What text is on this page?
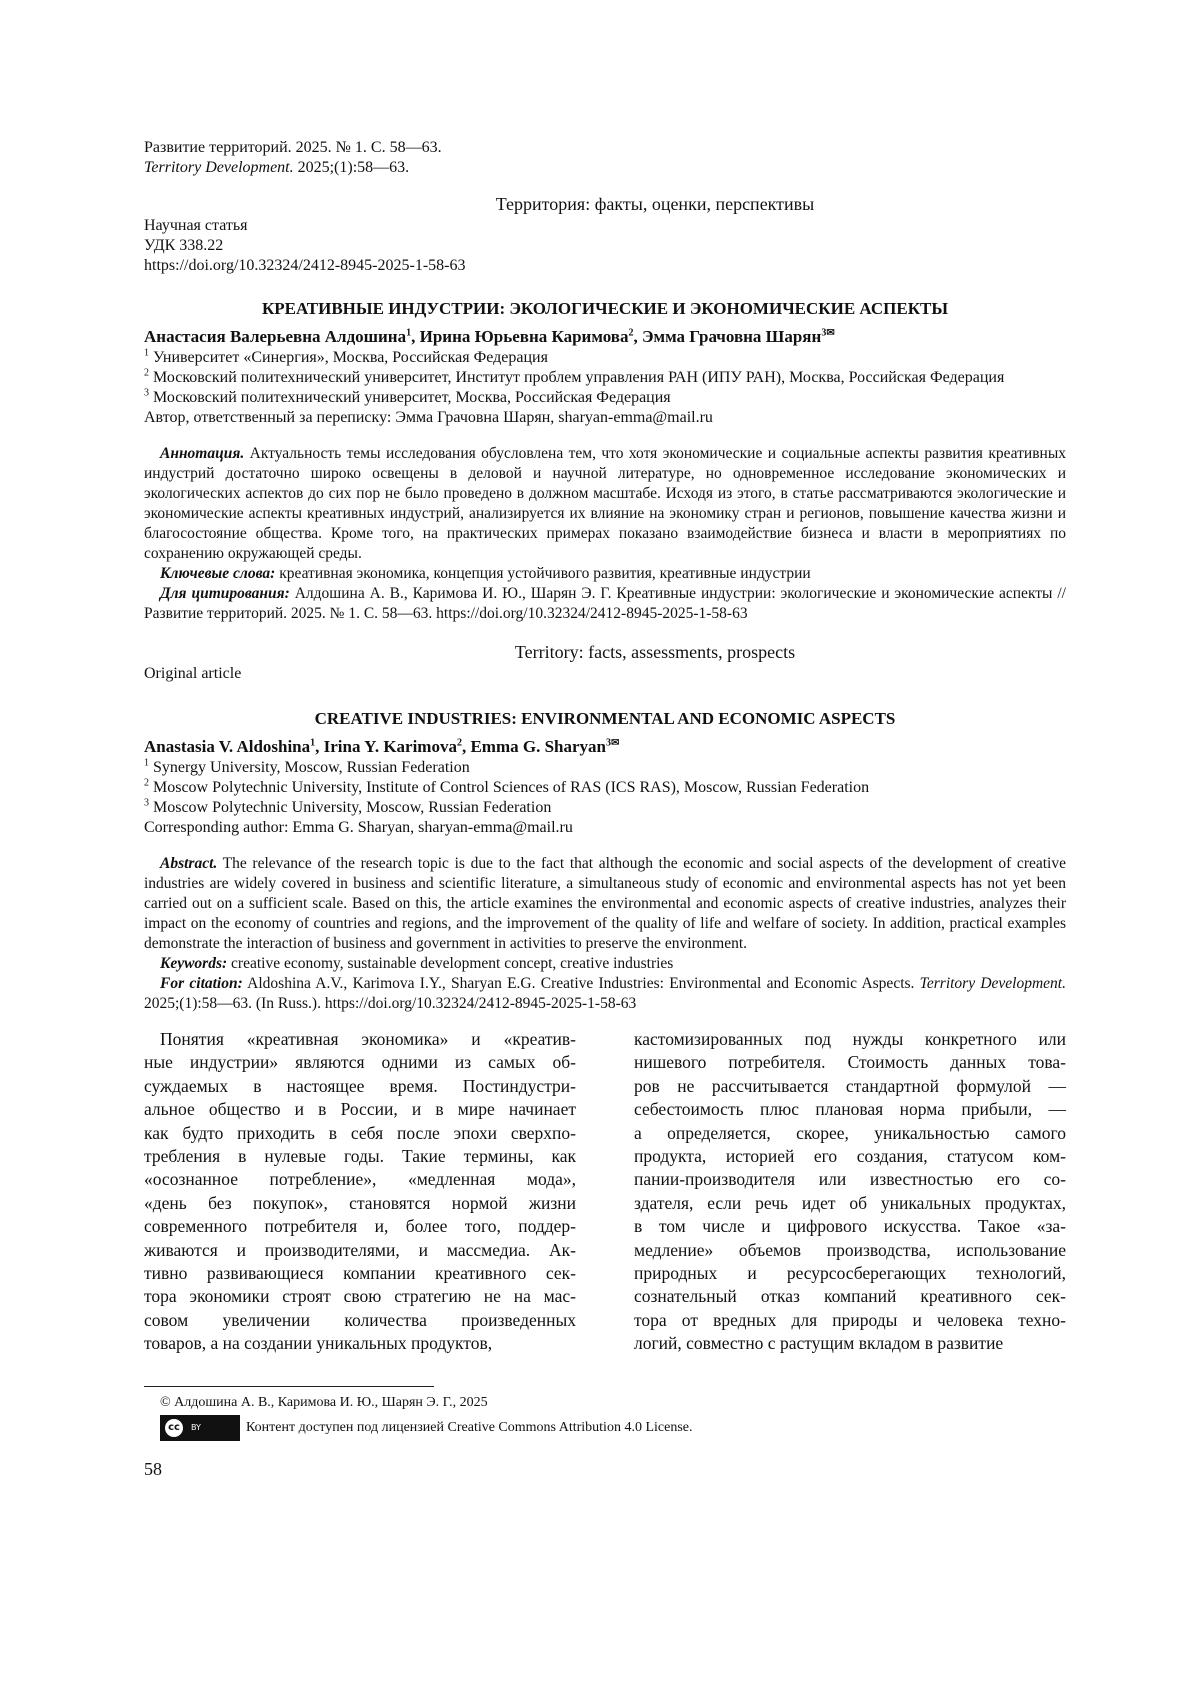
Развитие территорий. 2025. № 1. С. 58—63.
Territory Development. 2025;(1):58—63.
Территория: факты, оценки, перспективы
Научная статья
УДК 338.22
https://doi.org/10.32324/2412-8945-2025-1-58-63
КРЕАТИВНЫЕ ИНДУСТРИИ: ЭКОЛОГИЧЕСКИЕ И ЭКОНОМИЧЕСКИЕ АСПЕКТЫ
Анастасия Валерьевна Алдошина$^1$, Ирина Юрьевна Каримова$^2$, Эмма Грачовна Шарян$^{3✉}$
$^1$ Университет «Синергия», Москва, Российская Федерация
$^2$ Московский политехнический университет, Институт проблем управления РАН (ИПУ РАН), Москва, Российская Федерация
$^3$ Московский политехнический университет, Москва, Российская Федерация
Автор, ответственный за переписку: Эмма Грачовна Шарян, sharyan-emma@mail.ru
Аннотация. Актуальность темы исследования обусловлена тем, что хотя экономические и социальные аспекты развития креативных индустрий достаточно широко освещены в деловой и научной литературе, но одновременное исследование экономических и экологических аспектов до сих пор не было проведено в должном масштабе. Исходя из этого, в статье рассматриваются экологические и экономические аспекты креативных индустрий, анализируется их влияние на экономику стран и регионов, повышение качества жизни и благосостояние общества. Кроме того, на практических примерах показано взаимодействие бизнеса и власти в мероприятиях по сохранению окружающей среды.
Ключевые слова: креативная экономика, концепция устойчивого развития, креативные индустрии
Для цитирования: Алдошина А. В., Каримова И. Ю., Шарян Э. Г. Креативные индустрии: экологические и экономические аспекты // Развитие территорий. 2025. № 1. С. 58—63. https://doi.org/10.32324/2412-8945-2025-1-58-63
Territory: facts, assessments, prospects
Original article
CREATIVE INDUSTRIES: ENVIRONMENTAL AND ECONOMIC ASPECTS
Anastasia V. Aldoshina$^1$, Irina Y. Karimova$^2$, Emma G. Sharyan$^{3✉}$
$^1$ Synergy University, Moscow, Russian Federation
$^2$ Moscow Polytechnic University, Institute of Control Sciences of RAS (ICS RAS), Moscow, Russian Federation
$^3$ Moscow Polytechnic University, Moscow, Russian Federation
Corresponding author: Emma G. Sharyan, sharyan-emma@mail.ru
Abstract. The relevance of the research topic is due to the fact that although the economic and social aspects of the development of creative industries are widely covered in business and scientific literature, a simultaneous study of economic and environmental aspects has not yet been carried out on a sufficient scale. Based on this, the article examines the environmental and economic aspects of creative industries, analyzes their impact on the economy of countries and regions, and the improvement of the quality of life and welfare of society. In addition, practical examples demonstrate the interaction of business and government in activities to preserve the environment.
Keywords: creative economy, sustainable development concept, creative industries
For citation: Aldoshina A.V., Karimova I.Y., Sharyan E.G. Creative Industries: Environmental and Economic Aspects. Territory Development. 2025;(1):58—63. (In Russ.). https://doi.org/10.32324/2412-8945-2025-1-58-63
Понятия «креативная экономика» и «креатив-
ные индустрии» являются одними из самых об-
суждаемых в настоящее время. Постиндустри-
альное общество и в России, и в мире начинает
как будто приходить в себя после эпохи сверхпо-
требления в нулевые годы. Такие термины, как
«осознанное потребление», «медленная мода»,
«день без покупок», становятся нормой жизни
современного потребителя и, более того, поддер-
живаются и производителями, и массмедиа. Ак-
тивно развивающиеся компании креативного сек-
тора экономики строят свою стратегию не на мас-
совом увеличении количества произведенных
товаров, а на создании уникальных продуктов,
кастомизированных под нужды конкретного или
нишевого потребителя. Стоимость данных това-
ров не рассчитывается стандартной формулой —
себестоимость плюс плановая норма прибыли, —
а определяется, скорее, уникальностью самого
продукта, историей его создания, статусом ком-
пании-производителя или известностью его со-
здателя, если речь идет об уникальных продуктах,
в том числе и цифрового искусства. Такое «за-
медление» объемов производства, использование
природных и ресурсосберегающих технологий,
сознательный отказ компаний креативного сек-
тора от вредных для природы и человека техно-
логий, совместно с растущим вкладом в развитие
© Алдошина А. В., Каримова И. Ю., Шарян Э. Г., 2025
cc	BY	Контент доступен под лицензией Creative Commons Attribution 4.0 License.
58
